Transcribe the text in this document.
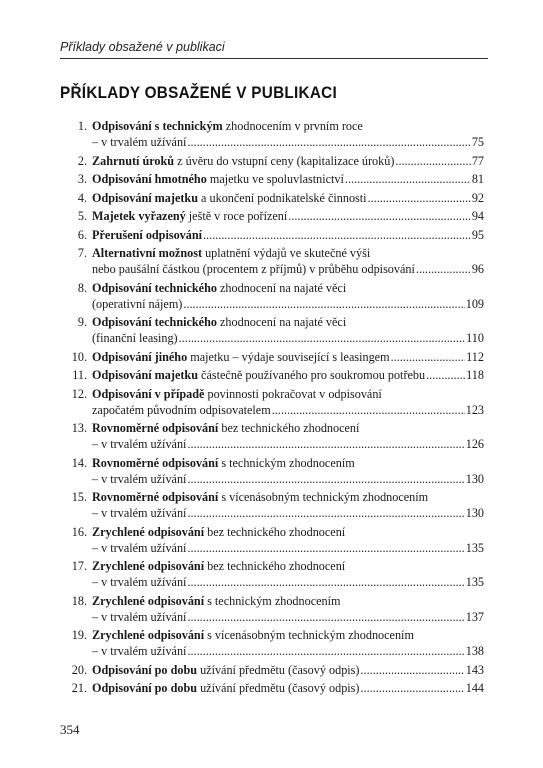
Příklady obsažené v publikaci
PŘÍKLADY OBSAŽENÉ V PUBLIKACI
1. Odpisování s technickým zhodnocením v prvním roce
– v trvalém užívání .....	75
2. Zahrnutí úroků z úvěru do vstupní ceny (kapitalizace úroků) .....	77
3. Odpisování hmotného majetku ve spoluvlastnictví .....	81
4. Odpisování majetku a ukončení podnikatelské činnosti .....	92
5. Majetek vyřazený ještě v roce pořízení .....	94
6. Přerušení odpisování .....	95
7. Alternativní možnost uplatnění výdajů ve skutečné výši
nebo paušální částkou (procentem z příjmů) v průběhu odpisování .....	96
8. Odpisování technického zhodnocení na najaté věci
(operativní nájem) .....	109
9. Odpisování technického zhodnocení na najaté věci
(finanční leasing) .....	110
10. Odpisování jiného majetku – výdaje související s leasingem .....	112
11. Odpisování majetku částečně používaného pro soukromou potřebu .....	118
12. Odpisování v případě povinnosti pokračovat v odpisování
započatém původním odpisovatelem .....	123
13. Rovnoměrné odpisování bez technického zhodnocení
– v trvalém užívání .....	126
14. Rovnoměrné odpisování s technickým zhodnocením
– v trvalém užívání .....	130
15. Rovnoměrné odpisování s vícenásobným technickým zhodnocením
– v trvalém užívání .....	130
16. Zrychlené odpisování bez technického zhodnocení
– v trvalém užívání .....	135
17. Zrychlené odpisování bez technického zhodnocení
– v trvalém užívání .....	135
18. Zrychlené odpisování s technickým zhodnocením
– v trvalém užívání .....	137
19. Zrychlené odpisování s vícenásobným technickým zhodnocením
– v trvalém užívání .....	138
20. Odpisování po dobu užívání předmětu (časový odpis) .....	143
21. Odpisování po dobu užívání předmětu (časový odpis) .....	144
354
